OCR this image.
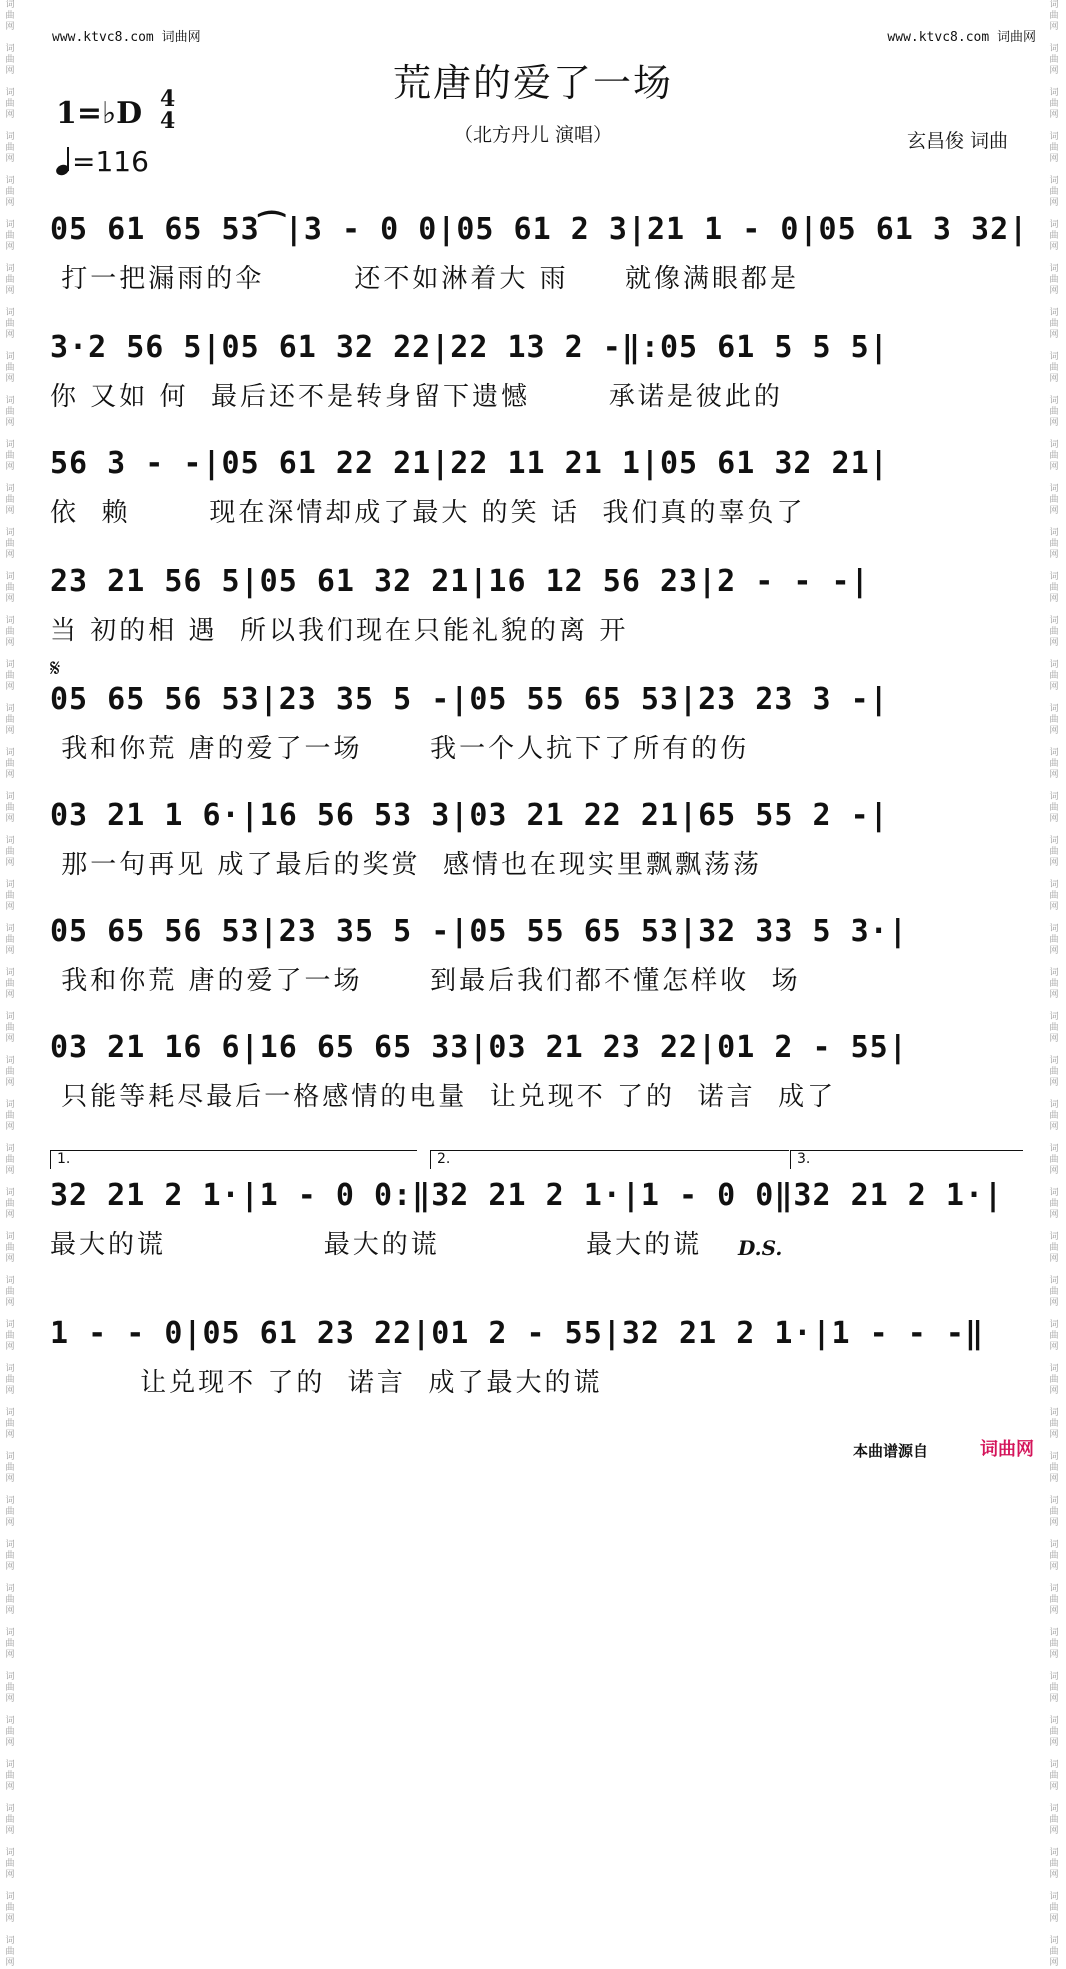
词
曲
网

词
曲
网

词
曲
网

词
曲
网

词
曲
网

词
曲
网

词
曲
网

词
曲
网

词
曲
网

词
曲
网

词
曲
网

词
曲
网

词
曲
网

词
曲
网

词
曲
网

词
曲
网

词
曲
网

词
曲
网

词
曲
网

词
曲
网

词
曲
网

词
曲
网

词
曲
网

词
曲
网

词
曲
网

词
曲
网

词
曲
网

词
曲
网

词
曲
网

词
曲
网

词
曲
网

词
曲
网

词
曲
网

词
曲
网

词
曲
网

词
曲
网

词
曲
网

词
曲
网

词
曲
网

词
曲
网

词
曲
网

词
曲
网

词
曲
网

词
曲
网

词
曲
网

词
曲
网

词
曲
网

词
曲
网

词
曲
网

词
曲
网

词
曲
网

词
曲
网

词
曲
网

词
曲
网

词
曲
网

词
曲
网

词
曲
网

词
曲
网

词
曲
网

词
曲
网

词
曲
网

词
曲
网

词
曲
网

词
曲
网

词
曲
网

词
曲
网

词
曲
网

词
曲
网

词
曲
网

词
曲
网

词
曲
网

词
曲
网

词
曲
网

词
曲
网

词
曲
网

词
曲
网

词
曲
网

词
曲
网

词
曲
网

词
曲
网

词
曲
网

词
曲
网

词
曲
网

词
曲
网

词
曲
网

词
曲
网

词
曲
网

词
曲
网

词
曲
网

词
曲
网

www.ktvc8.com 词曲网	www.ktvc8.com 词曲网
荒唐的爱了一场
（北方丹儿 演唱）	玄昌俊 词曲
1=♭D 4
4
=116
𝄋
05 61 65 53⁀|3 - 0 0|05 61 2 3|21 1 - 0|05 61 3 32|
打一把漏雨的伞        还不如淋着大 雨     就像满眼都是
3·2 56 5|05 61 32 22|22 13 2 -‖:05 61 5 5 5|
你 又如 何  最后还不是转身留下遗憾       承诺是彼此的
56 3 - -|05 61 22 21|22 11 21 1|05 61 32 21|
依  赖       现在深情却成了最大 的笑 话  我们真的辜负了
23 21 56 5|05 61 32 21|16 12 56 23|2 - - -|
当 初的相 遇  所以我们现在只能礼貌的离 开
05 65 56 53|23 35 5 -|05 55 65 53|23 23 3 -|
我和你荒 唐的爱了一场      我一个人抗下了所有的伤
03 21 1 6·|16 56 53 3|03 21 22 21|65 55 2 -|
那一句再见 成了最后的奖赏  感情也在现实里飘飘荡荡
05 65 56 53|23 35 5 -|05 55 65 53|32 33 5 3·|
我和你荒 唐的爱了一场      到最后我们都不懂怎样收  场
03 21 16 6|16 65 65 33|03 21 23 22|01 2 - 55|
只能等耗尽最后一格感情的电量  让兑现不 了的  诺言  成了
32 21 2 1·|1 - 0 0:‖32 21 2 1·|1 - 0 0‖32 21 2 1·|
最大的谎              最大的谎             最大的谎
1 - - 0|05 61 23 22|01 2 - 55|32 21 2 1·|1 - - -‖
让兑现不 了的  诺言  成了最大的谎
1.	2.	3.
D.S.
本曲谱源自	词曲网
